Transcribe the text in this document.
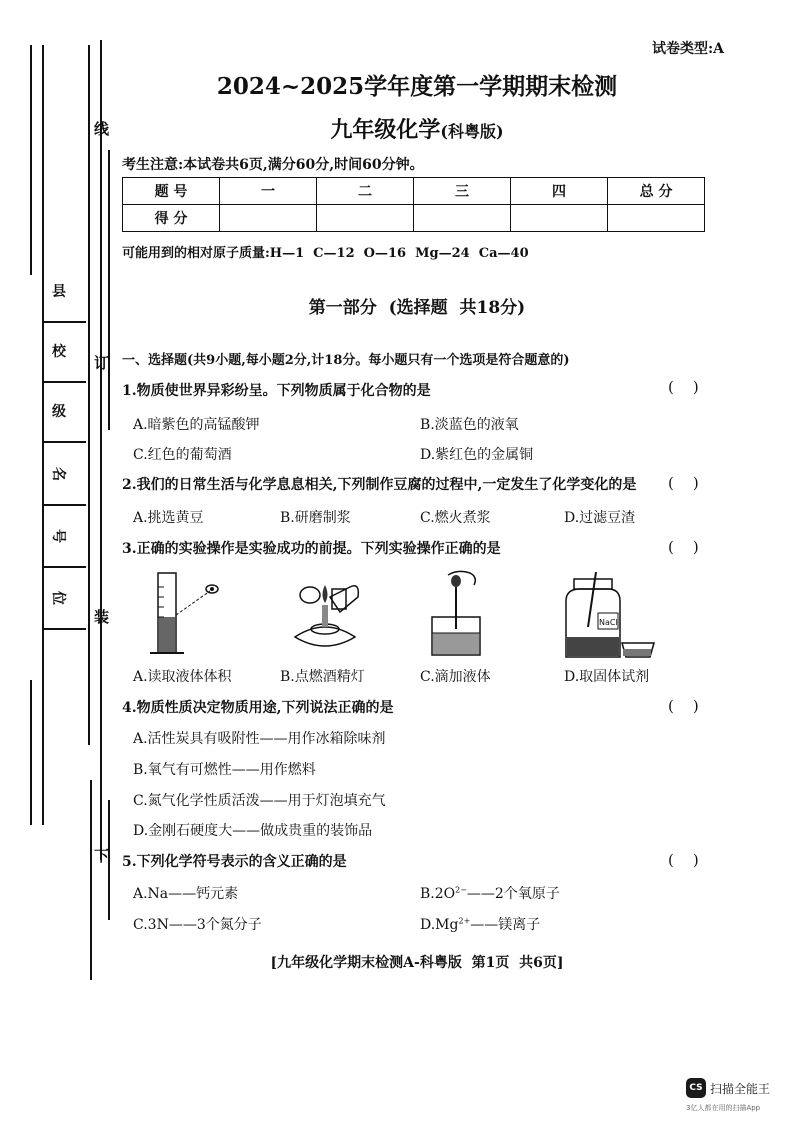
线
订
装
下
县
校
级
名
号
位
试卷类型:A
2024~2025学年度第一学期期末检测
九年级化学(科粤版)
考生注意:本试卷共6页,满分60分,时间60分钟。
题 号	一	二	三	四	总 分
得 分					
可能用到的相对原子质量:H—1  C—12  O—16  Mg—24  Ca—40
第一部分  (选择题  共18分)
一、选择题(共9小题,每小题2分,计18分。每小题只有一个选项是符合题意的)
1.物质使世界异彩纷呈。下列物质属于化合物的是	(    )
A.暗紫色的高锰酸钾	B.淡蓝色的液氧
C.红色的葡萄酒	D.紫红色的金属铜
2.我们的日常生活与化学息息相关,下列制作豆腐的过程中,一定发生了化学变化的是 (    )
A.挑选黄豆	B.研磨制浆	C.燃火煮浆	D.过滤豆渣
3.正确的实验操作是实验成功的前提。下列实验操作正确的是	(    )
NaCl
A.读取液体体积	B.点燃酒精灯	C.滴加液体	D.取固体试剂
4.物质性质决定物质用途,下列说法正确的是	(    )
A.活性炭具有吸附性——用作冰箱除味剂
B.氧气有可燃性——用作燃料
C.氮气化学性质活泼——用于灯泡填充气
D.金刚石硬度大——做成贵重的装饰品
5.下列化学符号表示的含义正确的是	(    )
A.Na——钙元素	$B.2O^{2-}——2$个氧原子
C.3N——3个氮分子	$D.Mg^{2+}——$镁离子
[九年级化学期末检测A-科粤版  第1页  共6页]
CS 扫描全能王
3亿人都在用的扫描App
